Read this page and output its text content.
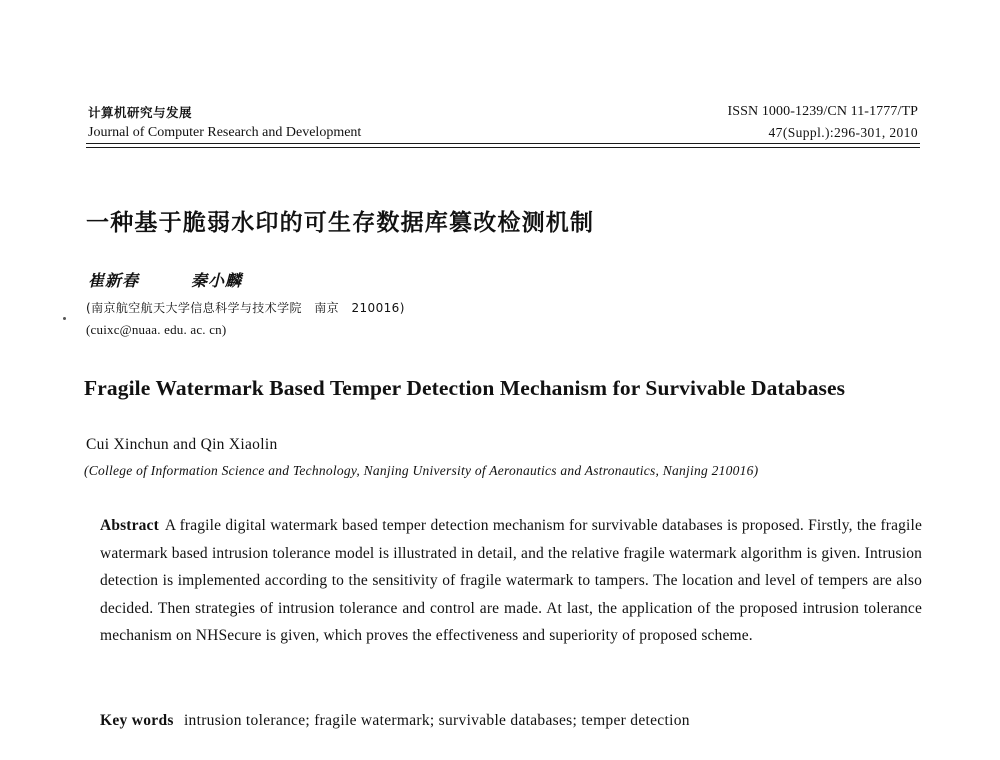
计算机研究与发展
Journal of Computer Research and Development
ISSN 1000-1239/CN 11-1777/TP
47(Suppl.):296-301, 2010
一种基于脆弱水印的可生存数据库篡改检测机制
崔新春	秦小麟
(南京航空航天大学信息科学与技术学院　南京　210016)
(cuixc@nuaa. edu. ac. cn)
Fragile Watermark Based Temper Detection Mechanism for Survivable Databases
Cui Xinchun and Qin Xiaolin
(College of Information Science and Technology, Nanjing University of Aeronautics and Astronautics, Nanjing 210016)
Abstract A fragile digital watermark based temper detection mechanism for survivable databases is proposed. Firstly, the fragile watermark based intrusion tolerance model is illustrated in detail, and the relative fragile watermark algorithm is given. Intrusion detection is implemented according to the sensitivity of fragile watermark to tampers. The location and level of tempers are also decided. Then strategies of intrusion tolerance and control are made. At last, the application of the proposed intrusion tolerance mechanism on NHSecure is given, which proves the effectiveness and superiority of proposed scheme.
Key words intrusion tolerance; fragile watermark; survivable databases; temper detection
